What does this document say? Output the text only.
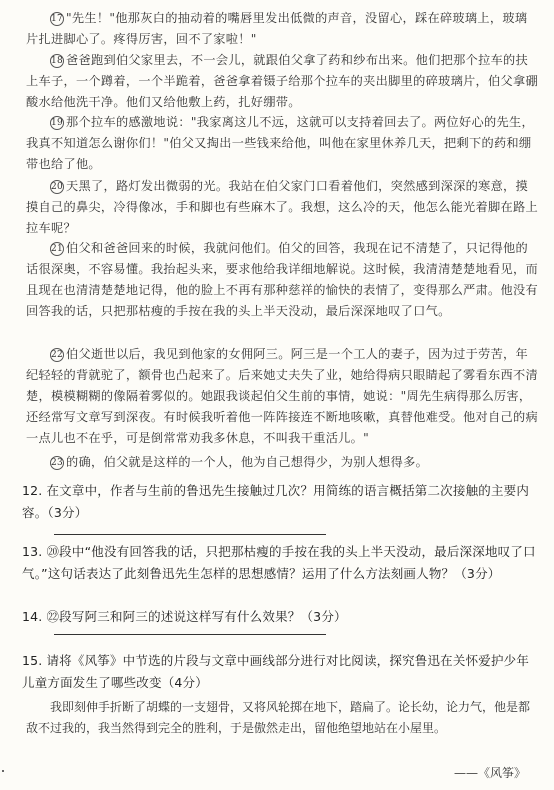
17 "先生！"他那灰白的抽动着的嘴唇里发出低微的声音，没留心，踩在碎玻璃上，玻璃片扎进脚心了。疼得厉害，回不了家啦！"
18 爸爸跑到伯父家里去，不一会儿，就跟伯父拿了药和纱布出来。他们把那个拉车的扶上车子，一个蹲着，一个半跪着，爸爸拿着镊子给那个拉车的夹出脚里的碎玻璃片，伯父拿硼酸水给他洗干净。他们又给他敷上药，扎好绷带。
19 那个拉车的感激地说："我家离这儿不远，这就可以支持着回去了。两位好心的先生，我真不知道怎么谢你们！"伯父又掏出一些钱来给他，叫他在家里休养几天，把剩下的药和绷带也给了他。
20 天黑了，路灯发出微弱的光。我站在伯父家门口看着他们，突然感到深深的寒意，摸摸自己的鼻尖，冷得像冰，手和脚也有些麻木了。我想，这么冷的天，他怎么能光着脚在路上拉车呢？
21 伯父和爸爸回来的时候，我就问他们。伯父的回答，我现在记不清楚了，只记得他的话很深奥，不容易懂。我抬起头来，要求他给我详细地解说。这时候，我清清楚楚地看见，而且现在也清清楚楚地记得，他的脸上不再有那种慈祥的愉快的表情了，变得那么严肃。他没有回答我的话，只把那枯瘦的手按在我的头上半天没动，最后深深地叹了口气。
22 伯父逝世以后，我见到他家的女佣阿三。阿三是一个工人的妻子，因为过于劳苦，年纪轻轻的背就驼了，额骨也凸起来了。后来她丈夫失了业，她给得病只眼睛起了雾看东西不清楚，模模糊糊的像隔着雾似的。她跟我谈起伯父生前的事情，她说："周先生病得那么厉害，还经常写文章写到深夜。有时候我听着他一阵阵接连不断地咳嗽，真替他难受。他对自己的病一点儿也不在乎，可是倒常常劝我多休息，不叫我干重活儿。"
23 的确，伯父就是这样的一个人，他为自己想得少，为别人想得多。
12. 在文章中，作者与生前的鲁迅先生接触过几次？用简练的语言概括第二次接触的主要内容。（3分）
13. ⑳段中“他没有回答我的话，只把那枯瘦的手按在我的头上半天没动，最后深深地叹了口气。”这句话表达了此刻鲁迅先生怎样的思想感情？运用了什么方法刻画人物？（3分）
14. ㉒段写阿三和阿三的述说这样写有什么效果？（3分）
15. 请将《风筝》中节选的片段与文章中画线部分进行对比阅读，探究鲁迅在关怀爱护少年儿童方面发生了哪些改变（4分）
我即刻伸手折断了胡蝶的一支翅骨，又将风轮掷在地下，踏扁了。论长幼，论力气，他是都敌不过我的，我当然得到完全的胜利，于是傲然走出，留他绝望地站在小屋里。
——《风筝》
